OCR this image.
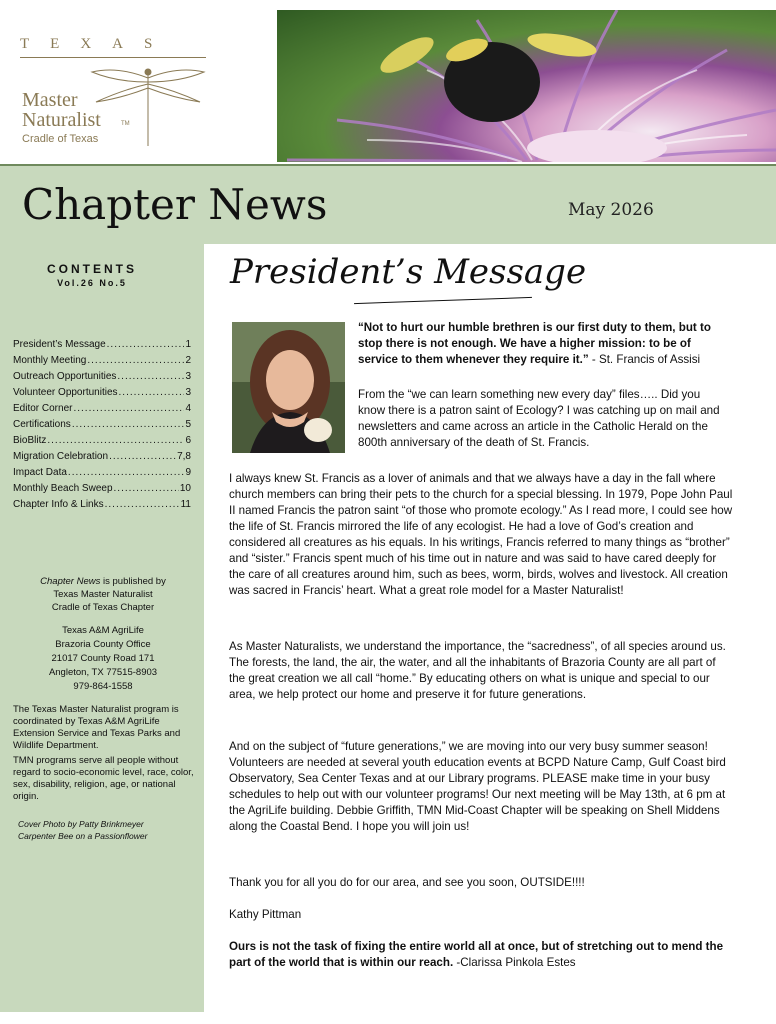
TEXAS
Master
Naturalist	TM
Cradle of Texas
Chapter News	May 2026
CONTENTS
Vol.26 No.5
President’s Message .....	1
Monthly Meeting .....	2
Outreach Opportunities .....	3
Volunteer Opportunities .....	3
Editor Corner .....	4
Certifications .....	5
BioBlitz .....	6
Migration Celebration .....	7,8
Impact Data .....	9
Monthly Beach Sweep .....	10
Chapter Info & Links .....	11
Chapter News is published by
Texas Master Naturalist
Cradle of Texas Chapter
Texas A&M AgriLife
Brazoria County Office
21017 County Road 171
Angleton, TX 77515-8903
979-864-1558
The Texas Master Naturalist program is coordinated by Texas A&M AgriLife Extension Service and Texas Parks and Wildlife Department.
TMN programs serve all people without regard to socio-economic level, race, color, sex, disability, religion, age, or national origin.
Cover Photo by Patty Brinkmeyer
Carpenter Bee on a Passionflower
President’s Message
“Not to hurt our humble brethren is our first duty to them, but to stop there is not enough. We have a higher mission: to be of service to them whenever they require it.” - St. Francis of Assisi
From the “we can learn something new every day” files….. Did you know there is a patron saint of Ecology? I was catching up on mail and newsletters and came across an article in the Catholic Herald on the 800th anniversary of the death of St. Francis.
I always knew St. Francis as a lover of animals and that we always have a day in the fall where church members can bring their pets to the church for a special blessing. In 1979, Pope John Paul II named Francis the patron saint “of those who promote ecology.” As I read more, I could see how the life of St. Francis mirrored the life of any ecologist. He had a love of God’s creation and considered all creatures as his equals. In his writings, Francis referred to many things as “brother” and “sister.” Francis spent much of his time out in nature and was said to have cared deeply for the care of all creatures around him, such as bees, worm, birds, wolves and livestock. All creation was sacred in Francis’ heart. What a great role model for a Master Naturalist!
As Master Naturalists, we understand the importance, the “sacredness”, of all species around us. The forests, the land, the air, the water, and all the inhabitants of Brazoria County are all part of the great creation we all call “home.” By educating others on what is unique and special to our area, we help protect our home and preserve it for future generations.
And on the subject of “future generations,” we are moving into our very busy summer season! Volunteers are needed at several youth education events at BCPD Nature Camp, Gulf Coast bird Observatory, Sea Center Texas and at our Library programs. PLEASE make time in your busy schedules to help out with our volunteer programs! Our next meeting will be May 13th, at 6 pm at the AgriLife building. Debbie Griffith, TMN Mid-Coast Chapter will be speaking on Shell Middens along the Coastal Bend. I hope you will join us!
Thank you for all you do for our area, and see you soon, OUTSIDE!!!!
Kathy Pittman
Ours is not the task of fixing the entire world all at once, but of stretching out to mend the part of the world that is within our reach. -Clarissa Pinkola Estes
